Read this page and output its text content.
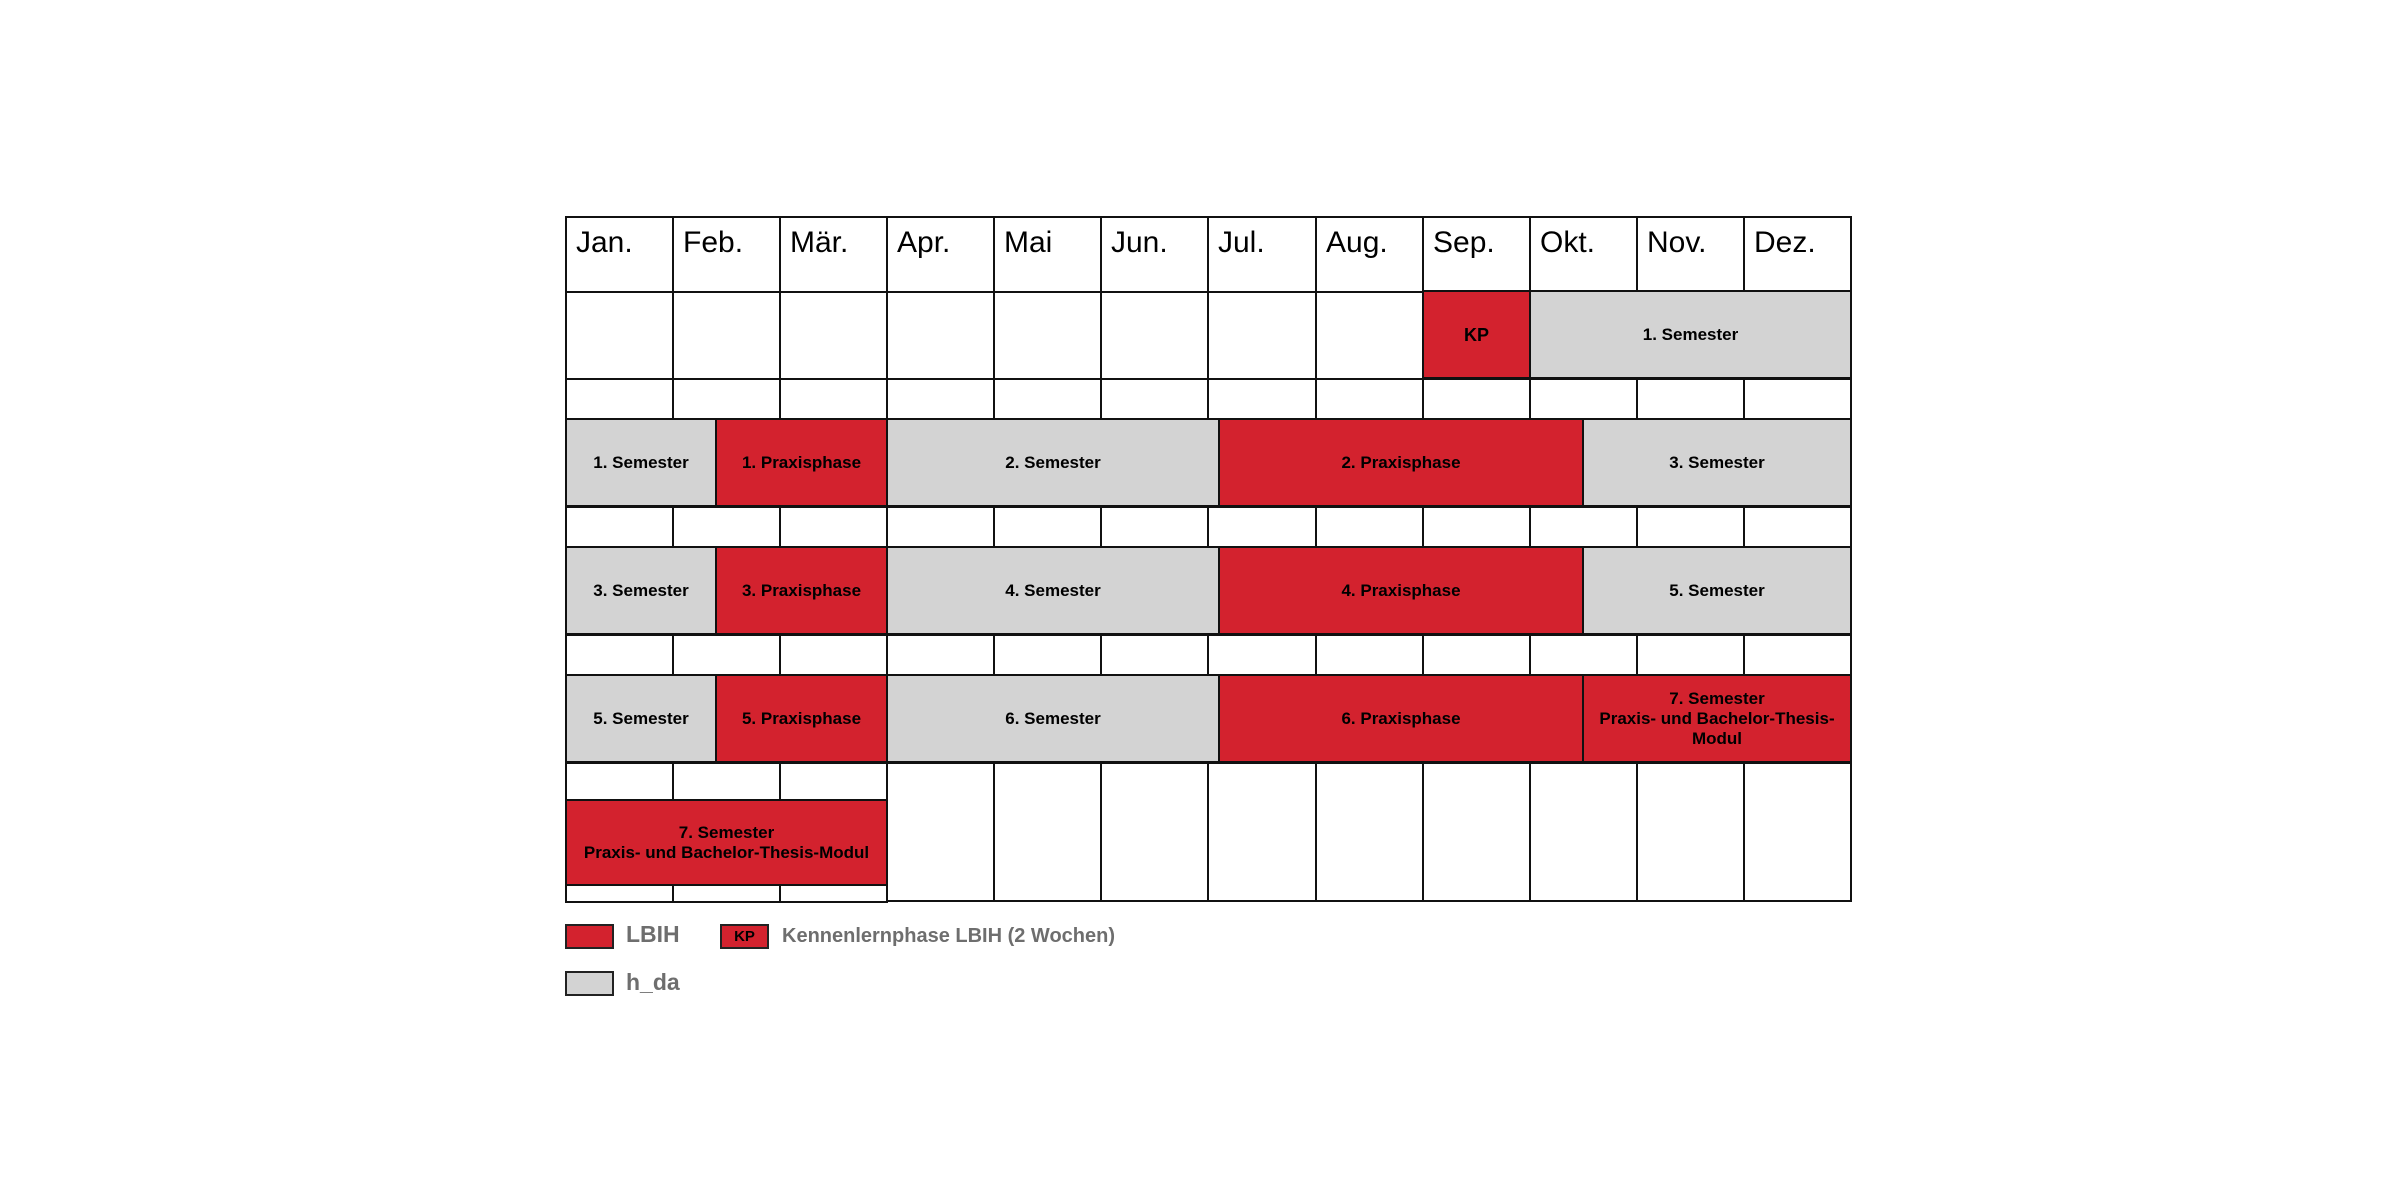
Jan. Feb. Mär. Apr. Mai Jun. Jul. Aug. Sep. Okt. Nov. Dez.
KP	1. Semester
1. Semester	1. Praxisphase	2. Semester	2. Praxisphase	3. Semester
3. Semester	3. Praxisphase	4. Semester	4. Praxisphase	5. Semester
5. Semester	5. Praxisphase	6. Semester	6. Praxisphase
7. Semester
Praxis- und Bachelor-Thesis-
Modul
7. Semester
Praxis- und Bachelor-Thesis-Modul
LBIH	KP Kennenlernphase LBIH (2 Wochen)
h_da
